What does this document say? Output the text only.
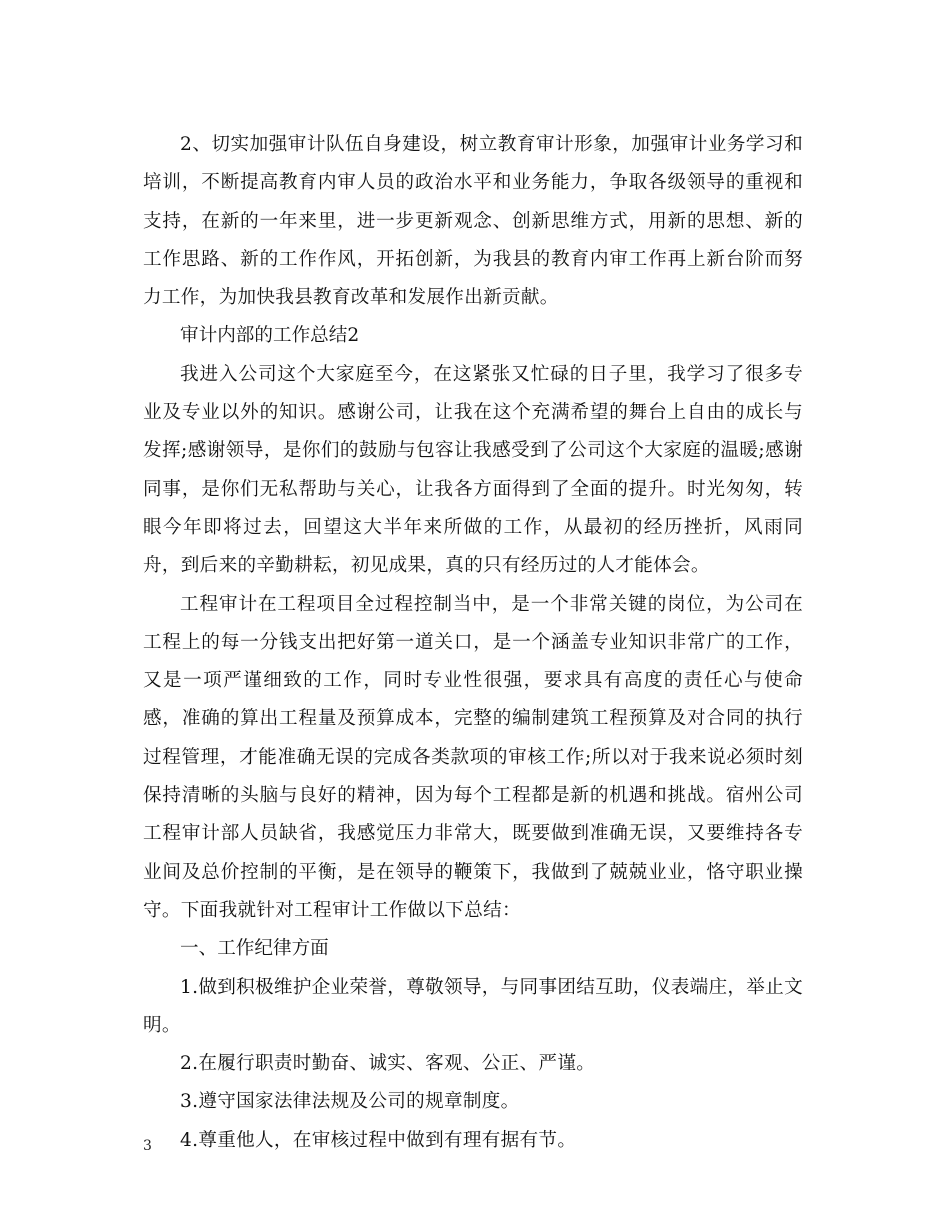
2、切实加强审计队伍自身建设，树立教育审计形象，加强审计业务学习和培训，不断提高教育内审人员的政治水平和业务能力，争取各级领导的重视和支持，在新的一年来里，进一步更新观念、创新思维方式，用新的思想、新的工作思路、新的工作作风，开拓创新，为我县的教育内审工作再上新台阶而努力工作，为加快我县教育改革和发展作出新贡献。

审计内部的工作总结2

我进入公司这个大家庭至今，在这紧张又忙碌的日子里，我学习了很多专业及专业以外的知识。感谢公司，让我在这个充满希望的舞台上自由的成长与发挥;感谢领导，是你们的鼓励与包容让我感受到了公司这个大家庭的温暖;感谢同事，是你们无私帮助与关心，让我各方面得到了全面的提升。时光匆匆，转眼今年即将过去，回望这大半年来所做的工作，从最初的经历挫折，风雨同舟，到后来的辛勤耕耘，初见成果，真的只有经历过的人才能体会。

工程审计在工程项目全过程控制当中，是一个非常关键的岗位，为公司在工程上的每一分钱支出把好第一道关口，是一个涵盖专业知识非常广的工作，又是一项严谨细致的工作，同时专业性很强，要求具有高度的责任心与使命感，准确的算出工程量及预算成本，完整的编制建筑工程预算及对合同的执行过程管理，才能准确无误的完成各类款项的审核工作;所以对于我来说必须时刻保持清晰的头脑与良好的精神，因为每个工程都是新的机遇和挑战。宿州公司工程审计部人员缺省，我感觉压力非常大，既要做到准确无误，又要维持各专业间及总价控制的平衡，是在领导的鞭策下，我做到了兢兢业业，恪守职业操守。下面我就针对工程审计工作做以下总结：

一、工作纪律方面

1.做到积极维护企业荣誉，尊敬领导，与同事团结互助，仪表端庄，举止文明。

2.在履行职责时勤奋、诚实、客观、公正、严谨。

3.遵守国家法律法规及公司的规章制度。

4.尊重他人，在审核过程中做到有理有据有节。

3
